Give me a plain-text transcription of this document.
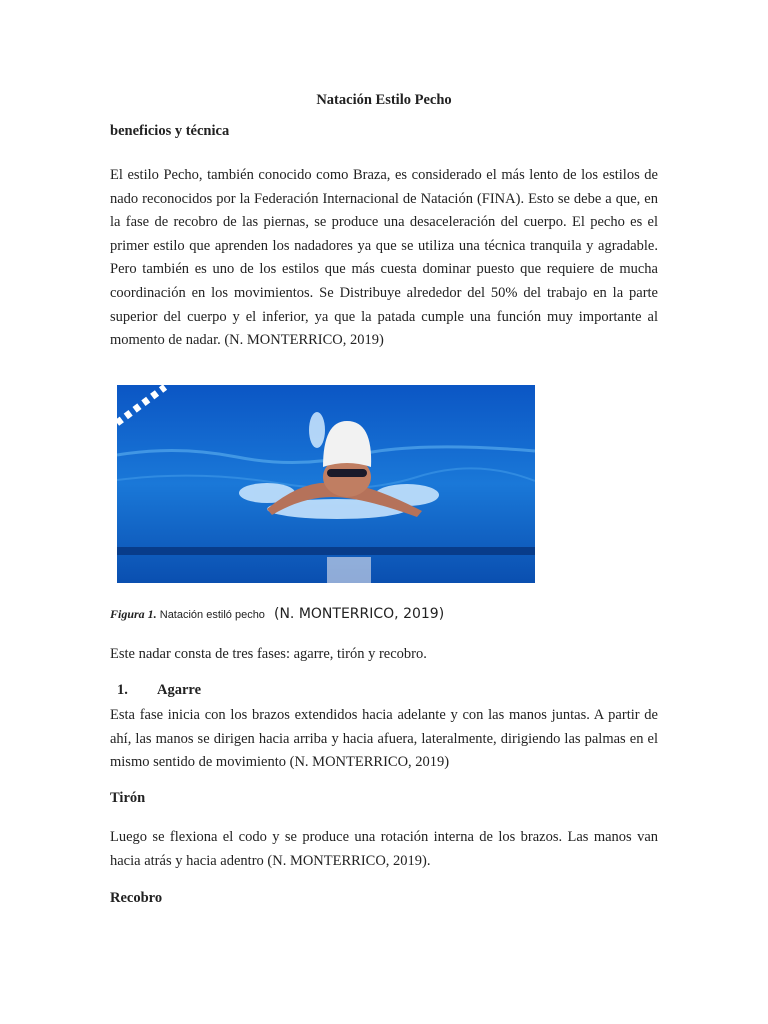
Natación Estilo Pecho
beneficios y técnica

El estilo Pecho, también conocido como Braza, es considerado el más lento de los estilos de nado reconocidos por la Federación Internacional de Natación (FINA). Esto se debe a que, en la fase de recobro de las piernas, se produce una desaceleración del cuerpo. El pecho es el primer estilo que aprenden los nadadores ya que se utiliza una técnica tranquila y agradable. Pero también es uno de los estilos que más cuesta dominar puesto que requiere de mucha coordinación en los movimientos. Se Distribuye alrededor del 50% del trabajo en la parte superior del cuerpo y el inferior, ya que la patada cumple una función muy importante al momento de nadar. (N. MONTERRICO, 2019)

Figura 1. Natación estiló pecho (N. MONTERRICO, 2019)

Este nadar consta de tres fases: agarre, tirón y recobro.

1. Agarre

Esta fase inicia con los brazos extendidos hacia adelante y con las manos juntas. A partir de ahí, las manos se dirigen hacia arriba y hacia afuera, lateralmente, dirigiendo las palmas en el mismo sentido de movimiento (N. MONTERRICO, 2019)

Tirón

Luego se flexiona el codo y se produce una rotación interna de los brazos. Las manos van hacia atrás y hacia adentro (N. MONTERRICO, 2019).

Recobro
